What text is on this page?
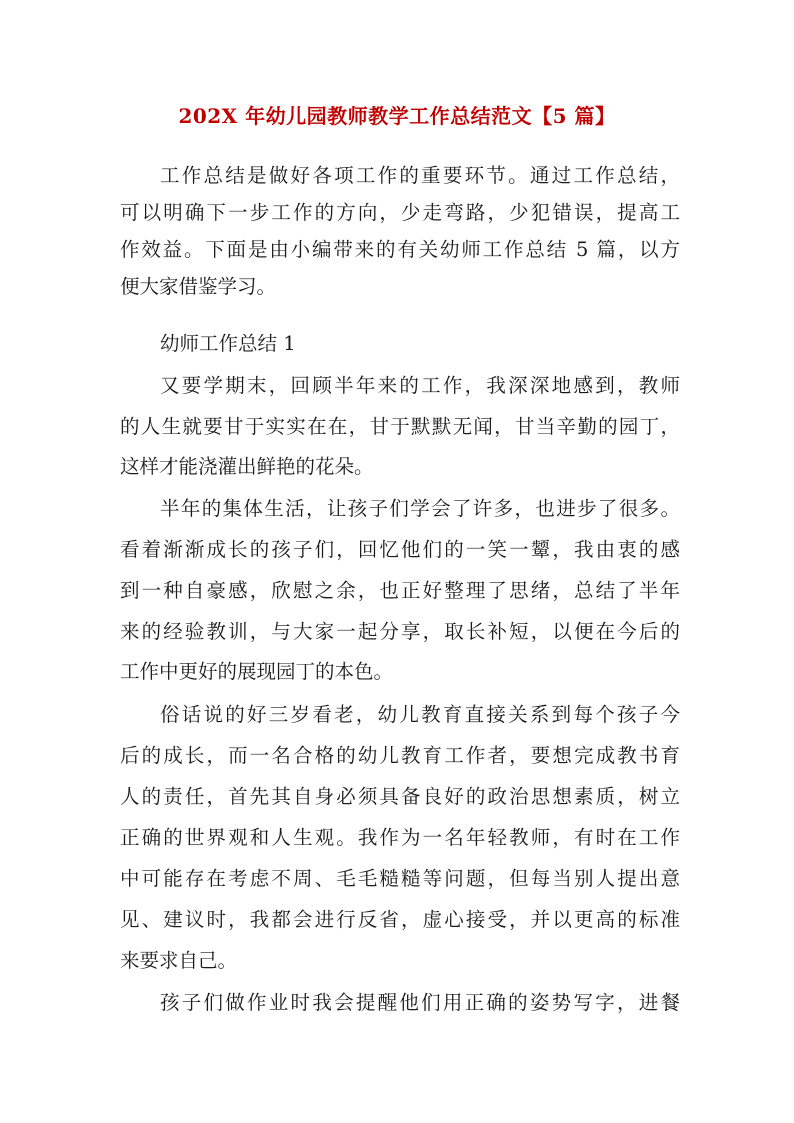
202X 年幼儿园教师教学工作总结范文【5 篇】
工作总结是做好各项工作的重要环节。通过工作总结，
可以明确下一步工作的方向，少走弯路，少犯错误，提高工
作效益。下面是由小编带来的有关幼师工作总结 5 篇，以方
便大家借鉴学习。
幼师工作总结 1
又要学期末，回顾半年来的工作，我深深地感到，教师
的人生就要甘于实实在在，甘于默默无闻，甘当辛勤的园丁，
这样才能浇灌出鲜艳的花朵。
半年的集体生活，让孩子们学会了许多，也进步了很多。
看着渐渐成长的孩子们，回忆他们的一笑一颦，我由衷的感
到一种自豪感，欣慰之余，也正好整理了思绪，总结了半年
来的经验教训，与大家一起分享，取长补短，以便在今后的
工作中更好的展现园丁的本色。
俗话说的好三岁看老，幼儿教育直接关系到每个孩子今
后的成长，而一名合格的幼儿教育工作者，要想完成教书育
人的责任，首先其自身必须具备良好的政治思想素质，树立
正确的世界观和人生观。我作为一名年轻教师，有时在工作
中可能存在考虑不周、毛毛糙糙等问题，但每当别人提出意
见、建议时，我都会进行反省，虚心接受，并以更高的标准
来要求自己。
孩子们做作业时我会提醒他们用正确的姿势写字，进餐
